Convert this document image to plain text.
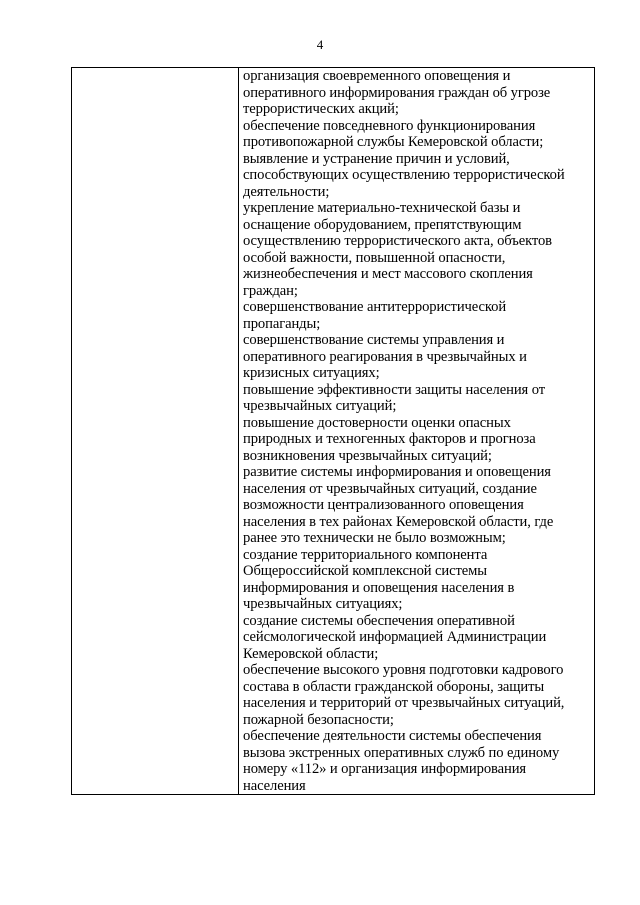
4

организация своевременного оповещения и
оперативного информирования граждан об угрозе
террористических акций;
обеспечение повседневного функционирования
противопожарной службы Кемеровской области;
выявление и устранение причин и условий,
способствующих осуществлению террористической
деятельности;
укрепление материально-технической базы и
оснащение оборудованием, препятствующим
осуществлению террористического акта, объектов
особой важности, повышенной опасности,
жизнеобеспечения и мест массового скопления
граждан;
совершенствование антитеррористической
пропаганды;
совершенствование системы управления и
оперативного реагирования в чрезвычайных и
кризисных ситуациях;
повышение эффективности защиты населения от
чрезвычайных ситуаций;
повышение достоверности оценки опасных
природных и техногенных факторов и прогноза
возникновения чрезвычайных ситуаций;
развитие системы информирования и оповещения
населения от чрезвычайных ситуаций, создание
возможности централизованного оповещения
населения в тех районах Кемеровской области, где
ранее это технически не было возможным;
создание территориального компонента
Общероссийской комплексной системы
информирования и оповещения населения в
чрезвычайных ситуациях;
создание системы обеспечения оперативной
сейсмологической информацией Администрации
Кемеровской области;
обеспечение высокого уровня подготовки кадрового
состава в области гражданской обороны, защиты
населения и территорий от чрезвычайных ситуаций,
пожарной безопасности;
обеспечение деятельности системы обеспечения
вызова экстренных оперативных служб по единому
номеру «112» и организация информирования
населения
